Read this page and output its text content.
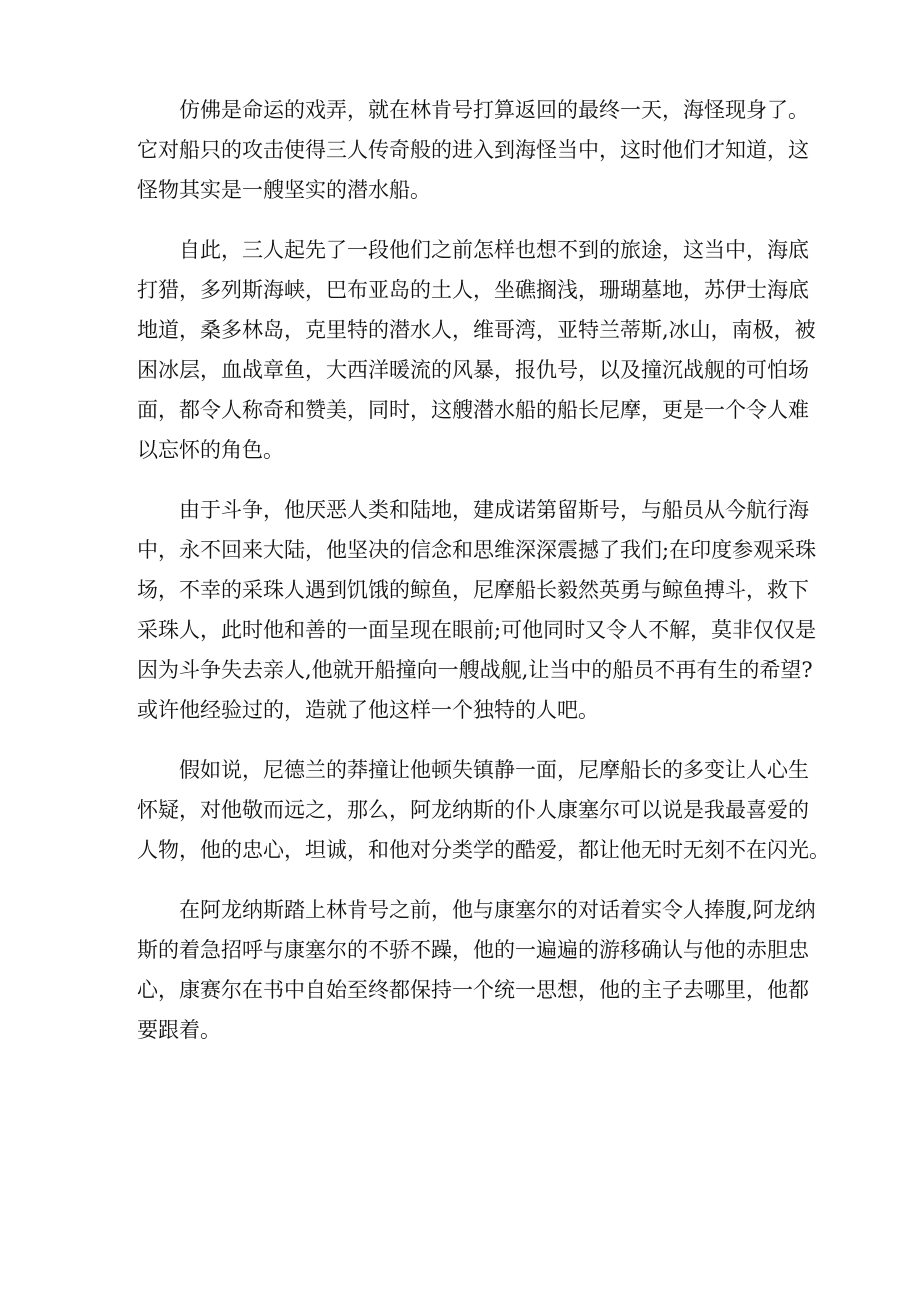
仿佛是命运的戏弄，就在林肯号打算返回的最终一天，海怪现身了。
它对船只的攻击使得三人传奇般的进入到海怪当中，这时他们才知道，这
怪物其实是一艘坚实的潜水船。
自此，三人起先了一段他们之前怎样也想不到的旅途，这当中，海底
打猎，多列斯海峡，巴布亚岛的土人，坐礁搁浅，珊瑚墓地，苏伊士海底
地道，桑多林岛，克里特的潜水人，维哥湾，亚特兰蒂斯,冰山，南极，被
困冰层，血战章鱼，大西洋暖流的风暴，报仇号，以及撞沉战舰的可怕场
面，都令人称奇和赞美，同时，这艘潜水船的船长尼摩，更是一个令人难
以忘怀的角色。
由于斗争，他厌恶人类和陆地，建成诺第留斯号，与船员从今航行海
中，永不回来大陆，他坚决的信念和思维深深震撼了我们;在印度参观采珠
场，不幸的采珠人遇到饥饿的鲸鱼，尼摩船长毅然英勇与鲸鱼搏斗，救下
采珠人，此时他和善的一面呈现在眼前;可他同时又令人不解，莫非仅仅是
因为斗争失去亲人,他就开船撞向一艘战舰,让当中的船员不再有生的希望?
或许他经验过的，造就了他这样一个独特的人吧。
假如说，尼德兰的莽撞让他顿失镇静一面，尼摩船长的多变让人心生
怀疑，对他敬而远之，那么，阿龙纳斯的仆人康塞尔可以说是我最喜爱的
人物，他的忠心，坦诚，和他对分类学的酷爱，都让他无时无刻不在闪光。
在阿龙纳斯踏上林肯号之前，他与康塞尔的对话着实令人捧腹,阿龙纳
斯的着急招呼与康塞尔的不骄不躁，他的一遍遍的游移确认与他的赤胆忠
心，康赛尔在书中自始至终都保持一个统一思想，他的主子去哪里，他都
要跟着。
